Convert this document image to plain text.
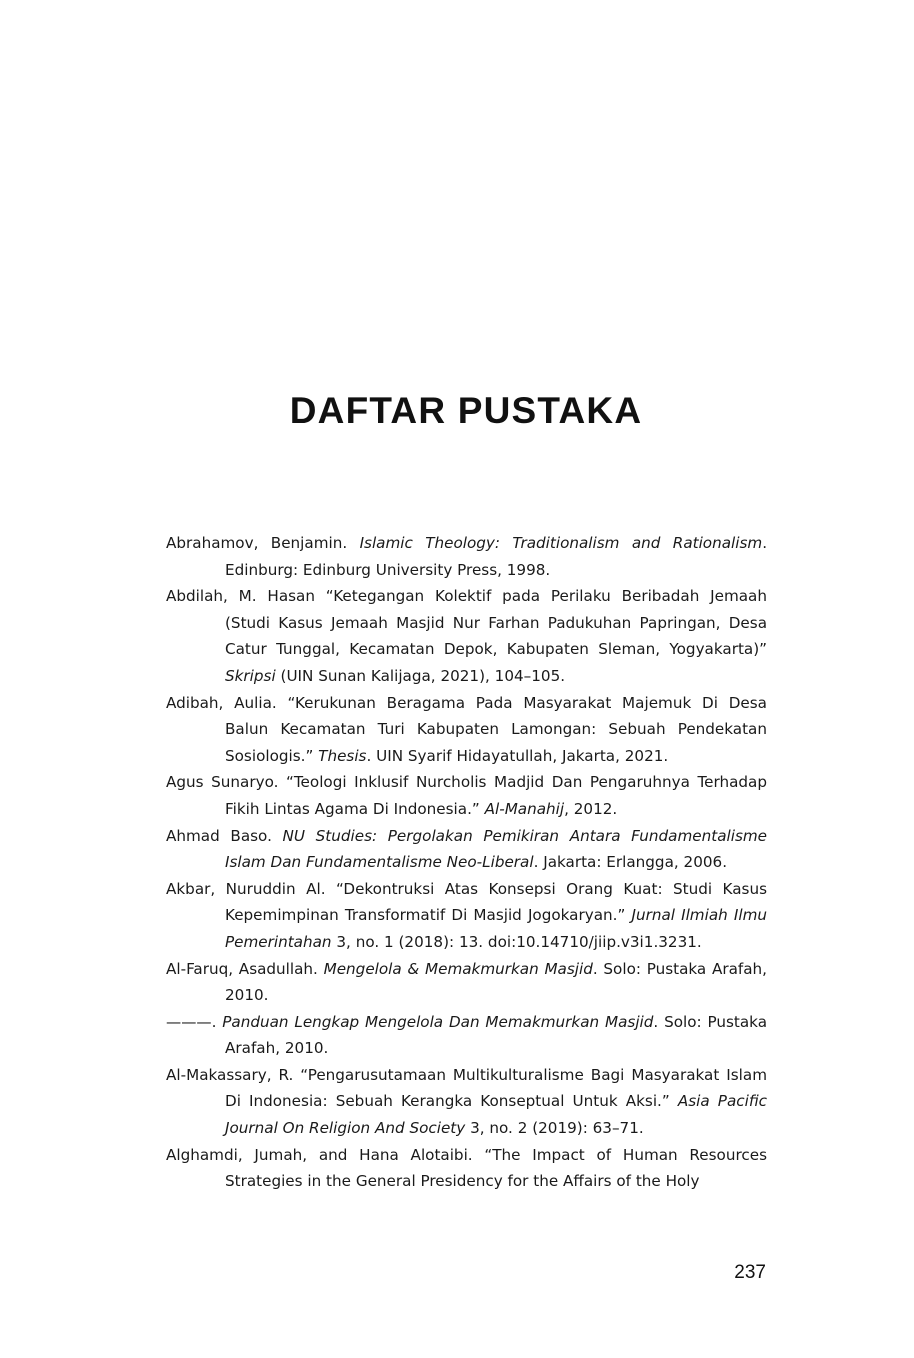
DAFTAR PUSTAKA

Abrahamov, Benjamin. Islamic Theology: Traditionalism and Rationalism. Edinburg: Edinburg University Press, 1998.

Abdilah, M. Hasan “Ketegangan Kolektif pada Perilaku Beribadah Jemaah (Studi Kasus Jemaah Masjid Nur Farhan Padukuhan Papringan, Desa Catur Tunggal, Kecamatan Depok, Kabupaten Sleman, Yogyakarta)” Skripsi (UIN Sunan Kalijaga, 2021), 104–105.

Adibah, Aulia. “Kerukunan Beragama Pada Masyarakat Majemuk Di Desa Balun Kecamatan Turi Kabupaten Lamongan: Sebuah Pendekatan Sosiologis.” Thesis. UIN Syarif Hidayatullah, Jakarta, 2021.

Agus Sunaryo. “Teologi Inklusif Nurcholis Madjid Dan Pengaruhnya Terhadap Fikih Lintas Agama Di Indonesia.” Al-Manahij, 2012.

Ahmad Baso. NU Studies: Pergolakan Pemikiran Antara Fundamentalisme Islam Dan Fundamentalisme Neo-Liberal. Jakarta: Erlangga, 2006.

Akbar, Nuruddin Al. “Dekontruksi Atas Konsepsi Orang Kuat: Studi Kasus Kepemimpinan Transformatif Di Masjid Jogokaryan.” Jurnal Ilmiah Ilmu Pemerintahan 3, no. 1 (2018): 13. doi:10.14710/jiip.v3i1.3231.

Al-Faruq, Asadullah. Mengelola & Memakmurkan Masjid. Solo: Pustaka Arafah, 2010.

———. Panduan Lengkap Mengelola Dan Memakmurkan Masjid. Solo: Pustaka Arafah, 2010.

Al-Makassary, R. “Pengarusutamaan Multikulturalisme Bagi Masyarakat Islam Di Indonesia: Sebuah Kerangka Konseptual Untuk Aksi.” Asia Pacific Journal On Religion And Society 3, no. 2 (2019): 63–71.

Alghamdi, Jumah, and Hana Alotaibi. “The Impact of Human Resources Strategies in the General Presidency for the Affairs of the Holy

237
